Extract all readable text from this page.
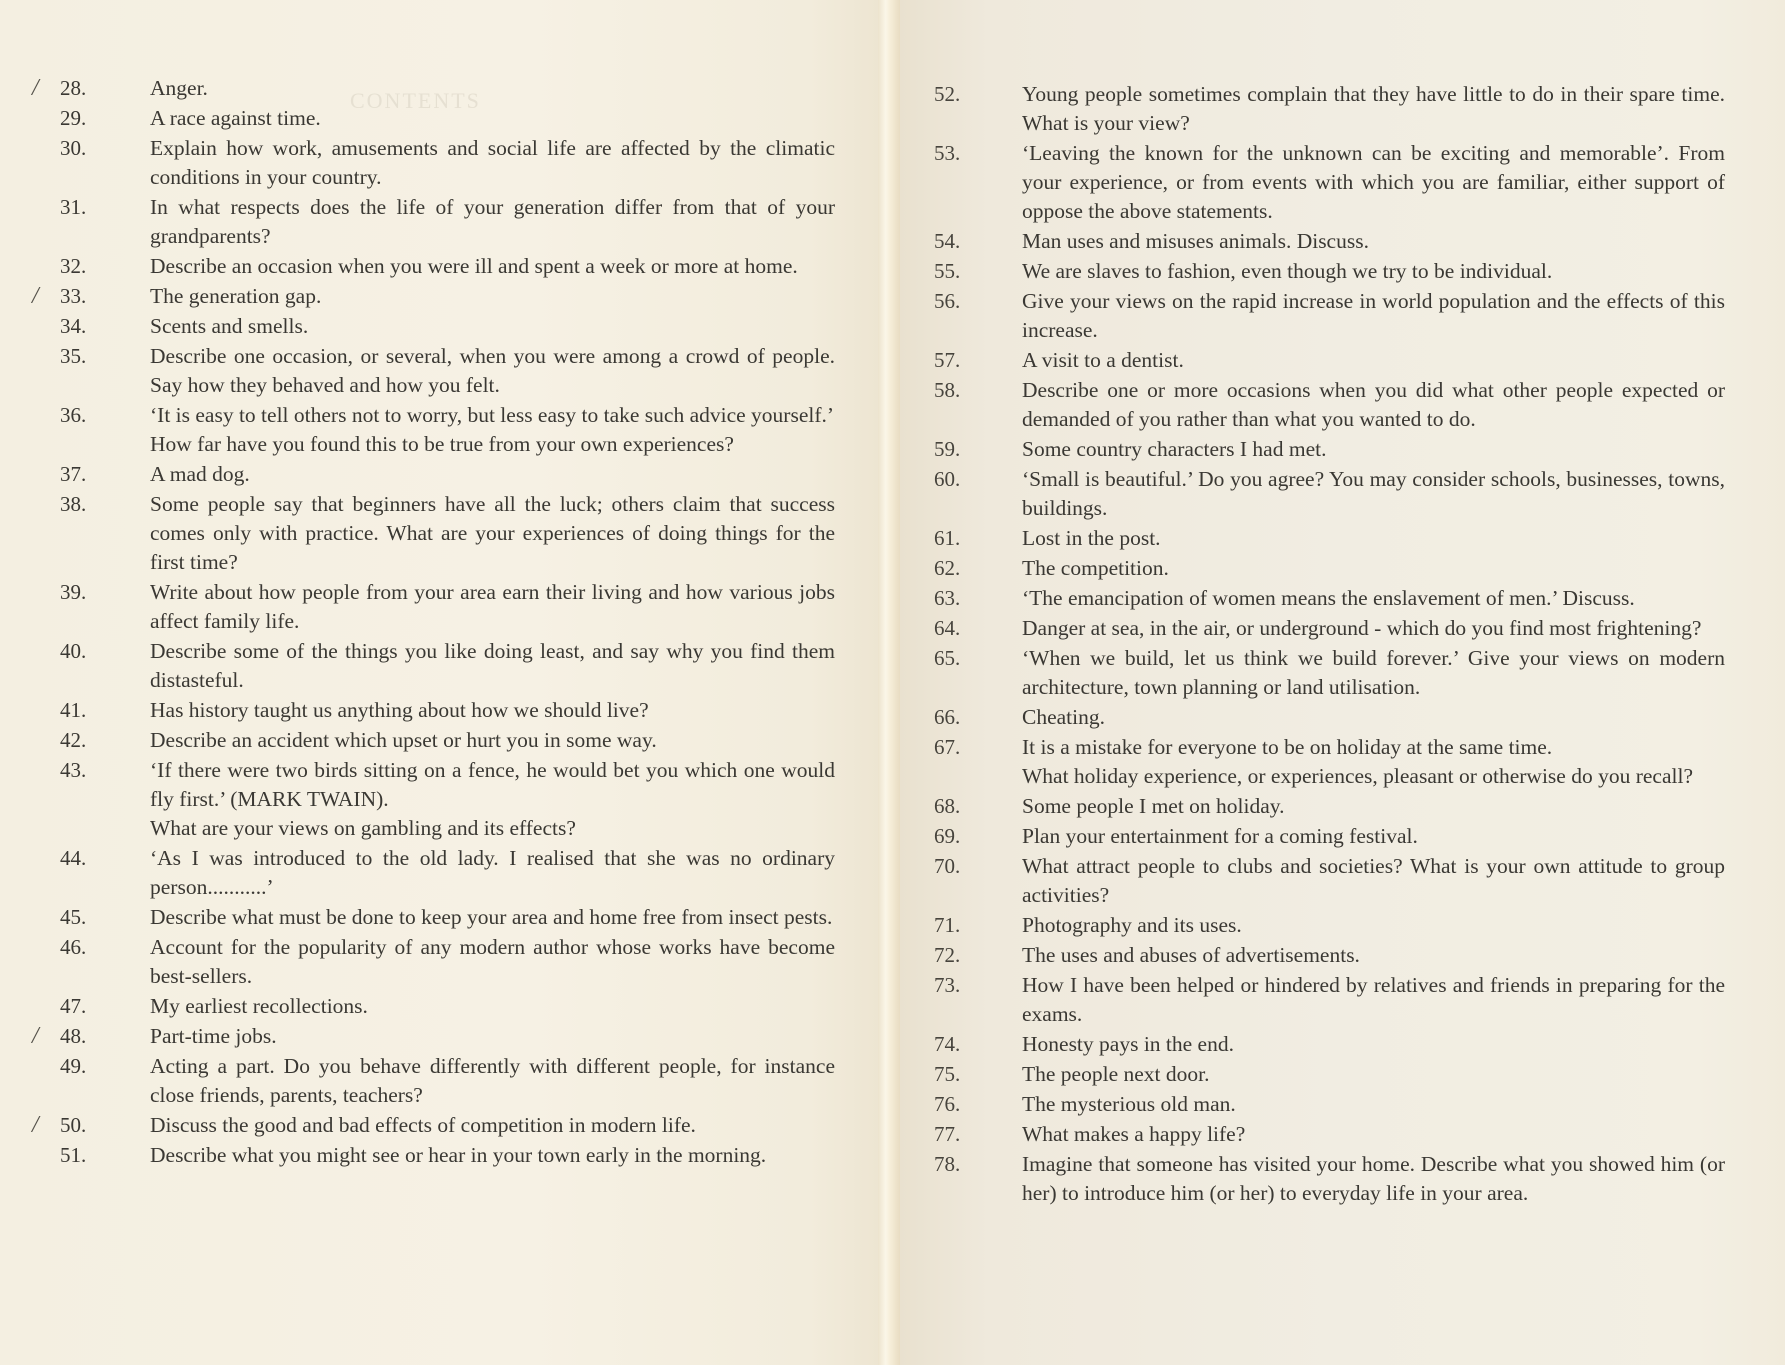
CONTENTS
/ 28.	Anger.
29.	A race against time.
30.	Explain how work, amusements and social life are affected by the climatic conditions in your country.
31.	In what respects does the life of your generation differ from that of your grandparents?
32.	Describe an occasion when you were ill and spent a week or more at home.
/ 33.	The generation gap.
34.	Scents and smells.
35.	Describe one occasion, or several, when you were among a crowd of people. Say how they behaved and how you felt.
36.	‘It is easy to tell others not to worry, but less easy to take such advice yourself.’
How far have you found this to be true from your own experiences?
37.	A mad dog.
38.	Some people say that beginners have all the luck; others claim that success comes only with practice. What are your experiences of doing things for the first time?
39.	Write about how people from your area earn their living and how various jobs affect family life.
40.	Describe some of the things you like doing least, and say why you find them distasteful.
41.	Has history taught us anything about how we should live?
42.	Describe an accident which upset or hurt you in some way.
43.	‘If there were two birds sitting on a fence, he would bet you which one would fly first.’ (MARK TWAIN).
What are your views on gambling and its effects?
44.	‘As I was introduced to the old lady. I realised that she was no ordinary person...........’
45.	Describe what must be done to keep your area and home free from insect pests.
46.	Account for the popularity of any modern author whose works have become best-sellers.
47.	My earliest recollections.
/ 48.	Part-time jobs.
49.	Acting a part. Do you behave differently with different people, for instance close friends, parents, teachers?
/ 50.	Discuss the good and bad effects of competition in modern life.
51.	Describe what you might see or hear in your town early in the morning.
52.	Young people sometimes complain that they have little to do in their spare time. What is your view?
53.	‘Leaving the known for the unknown can be exciting and memorable’. From your experience, or from events with which you are familiar, either support of oppose the above statements.
54.	Man uses and misuses animals. Discuss.
55.	We are slaves to fashion, even though we try to be individual.
56.	Give your views on the rapid increase in world population and the effects of this increase.
57.	A visit to a dentist.
58.	Describe one or more occasions when you did what other people expected or demanded of you rather than what you wanted to do.
59.	Some country characters I had met.
60.	‘Small is beautiful.’ Do you agree? You may consider schools, businesses, towns, buildings.
61.	Lost in the post.
62.	The competition.
63.	‘The emancipation of women means the enslavement of men.’ Discuss.
64.	Danger at sea, in the air, or underground - which do you find most frightening?
65.	‘When we build, let us think we build forever.’ Give your views on modern architecture, town planning or land utilisation.
66.	Cheating.
67.	It is a mistake for everyone to be on holiday at the same time.
What holiday experience, or experiences, pleasant or otherwise do you recall?
68.	Some people I met on holiday.
69.	Plan your entertainment for a coming festival.
70.	What attract people to clubs and societies? What is your own attitude to group activities?
71.	Photography and its uses.
72.	The uses and abuses of advertisements.
73.	How I have been helped or hindered by relatives and friends in preparing for the exams.
74.	Honesty pays in the end.
75.	The people next door.
76.	The mysterious old man.
77.	What makes a happy life?
78.	Imagine that someone has visited your home. Describe what you showed him (or her) to introduce him (or her) to everyday life in your area.
